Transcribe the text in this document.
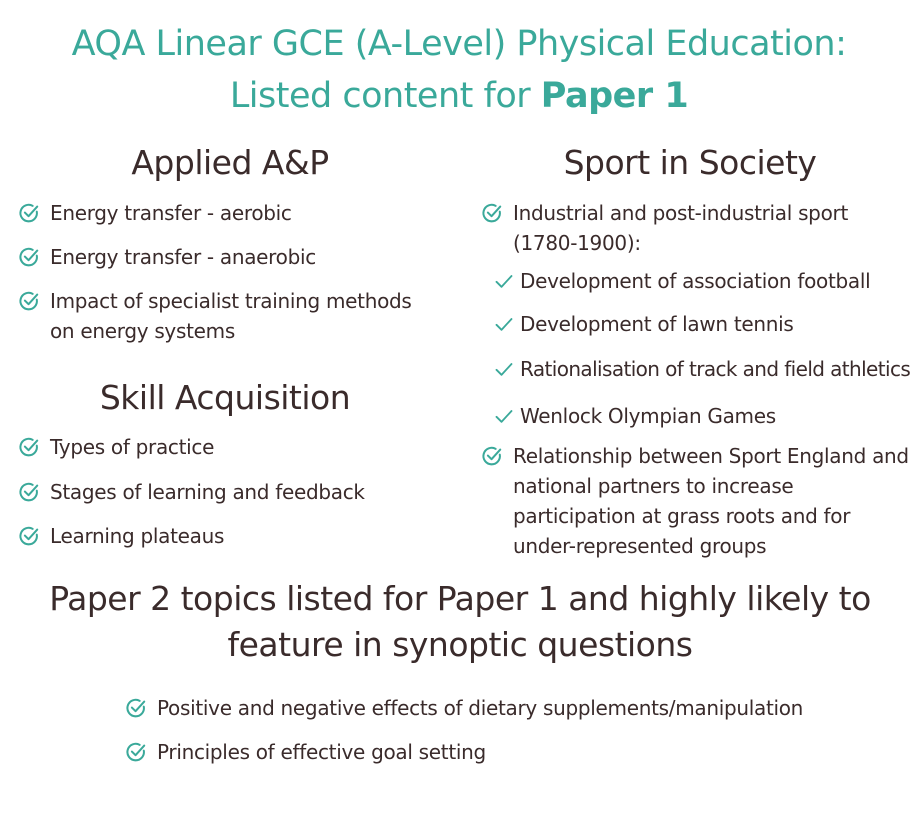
AQA Linear GCE (A-Level) Physical Education:
Listed content for Paper 1
Applied A&P
Energy transfer - aerobic
Energy transfer - anaerobic
Impact of specialist training methods on energy systems
Skill Acquisition
Types of practice
Stages of learning and feedback
Learning plateaus
Sport in Society
Industrial and post-industrial sport (1780-1900):
Development of association football
Development of lawn tennis
Rationalisation of track and field athletics
Wenlock Olympian Games
Relationship between Sport England and national partners to increase participation at grass roots and for under-represented groups
Paper 2 topics listed for Paper 1 and highly likely to feature in synoptic questions
Positive and negative effects of dietary supplements/manipulation
Principles of effective goal setting
